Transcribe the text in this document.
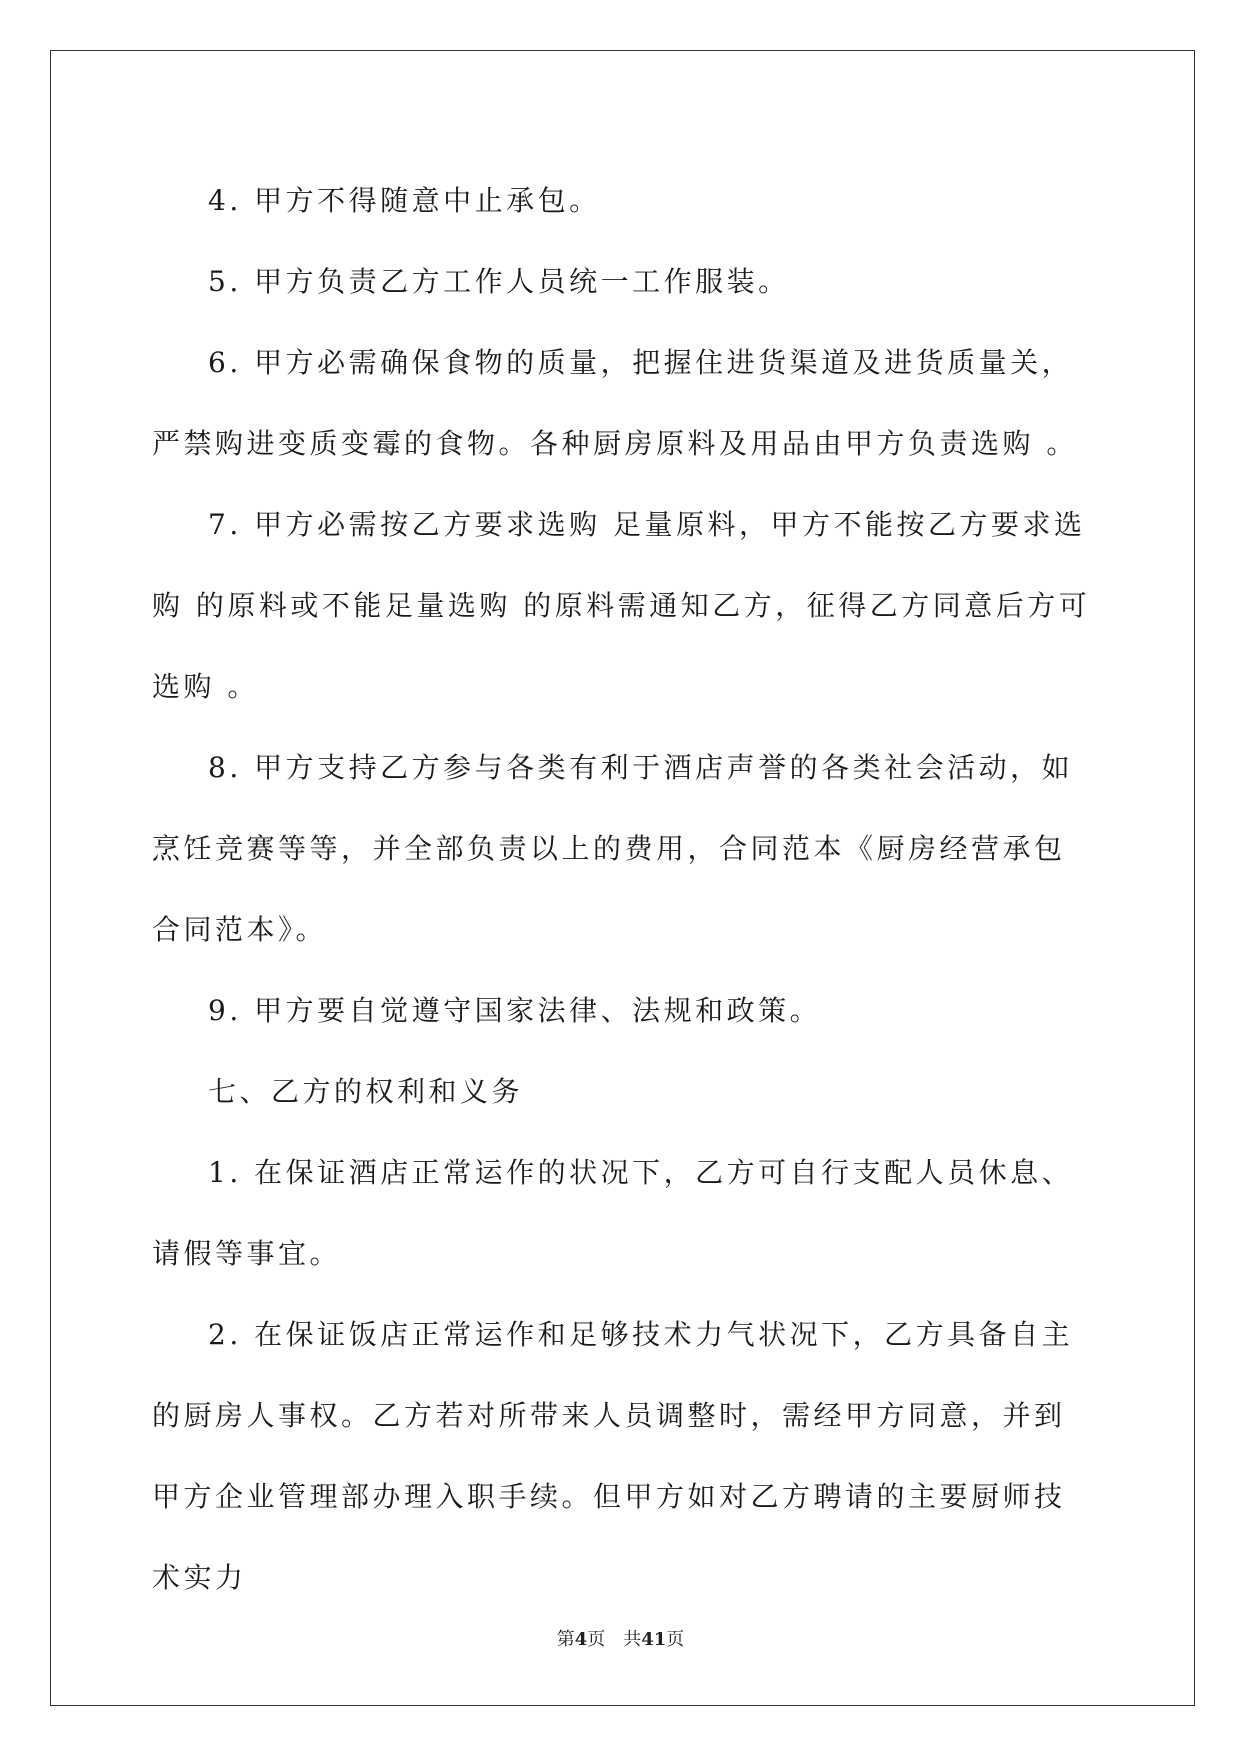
4. 甲方不得随意中止承包。

5. 甲方负责乙方工作人员统一工作服装。

6. 甲方必需确保食物的质量，把握住进货渠道及进货质量关，严禁购进变质变霉的食物。各种厨房原料及用品由甲方负责选购 。

7. 甲方必需按乙方要求选购 足量原料，甲方不能按乙方要求选购 的原料或不能足量选购 的原料需通知乙方，征得乙方同意后方可选购 。

8. 甲方支持乙方参与各类有利于酒店声誉的各类社会活动，如烹饪竞赛等等，并全部负责以上的费用，合同范本《厨房经营承包合同范本》。

9. 甲方要自觉遵守国家法律、法规和政策。

七、乙方的权利和义务

1. 在保证酒店正常运作的状况下，乙方可自行支配人员休息、请假等事宜。

2. 在保证饭店正常运作和足够技术力气状况下，乙方具备自主的厨房人事权。乙方若对所带来人员调整时，需经甲方同意，并到甲方企业管理部办理入职手续。但甲方如对乙方聘请的主要厨师技术实力

第4页 共41页
